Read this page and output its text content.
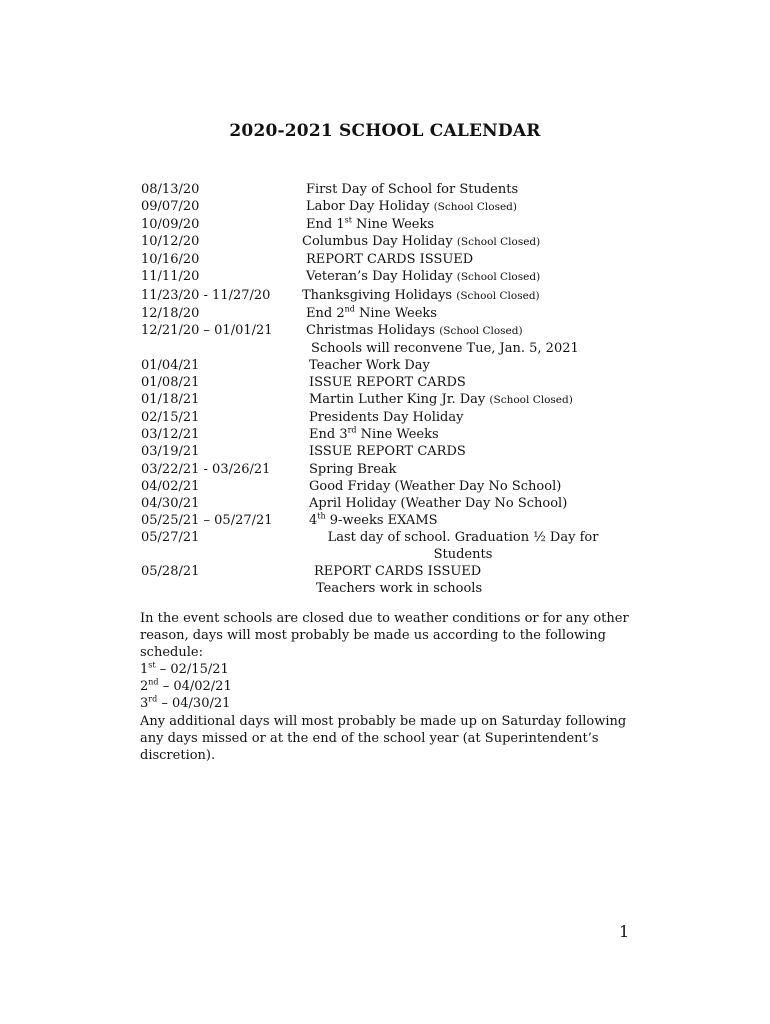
2020-2021 SCHOOL CALENDAR
08/13/20	First Day of School for Students
09/07/20	Labor Day Holiday (School Closed)
10/09/20	End 1st Nine Weeks
10/12/20	Columbus Day Holiday (School Closed)
10/16/20	REPORT CARDS ISSUED
11/11/20	Veteran’s Day Holiday (School Closed)
11/23/20 - 11/27/20 Thanksgiving Holidays (School Closed)
12/18/20	End 2nd Nine Weeks
12/21/20 – 01/01/21	Christmas Holidays (School Closed)
Schools will reconvene Tue, Jan. 5, 2021
01/04/21	Teacher Work Day
01/08/21	ISSUE REPORT CARDS
01/18/21	Martin Luther King Jr. Day (School Closed)
02/15/21	Presidents Day Holiday
03/12/21	End 3rd Nine Weeks
03/19/21	ISSUE REPORT CARDS
03/22/21 - 03/26/21	Spring Break
04/02/21	Good Friday (Weather Day No School)
04/30/21	April Holiday (Weather Day No School)
05/25/21 – 05/27/21	4th 9-weeks EXAMS
05/27/21	Last day of school. Graduation ½ Day for Students
05/28/21	REPORT CARDS ISSUED
Teachers work in schools

In the event schools are closed due to weather conditions or for any other reason, days will most probably be made us according to the following schedule:

1st – 02/15/21

2nd – 04/02/21

3rd – 04/30/21

Any additional days will most probably be made up on Saturday following any days missed or at the end of the school year (at Superintendent’s discretion).

1
